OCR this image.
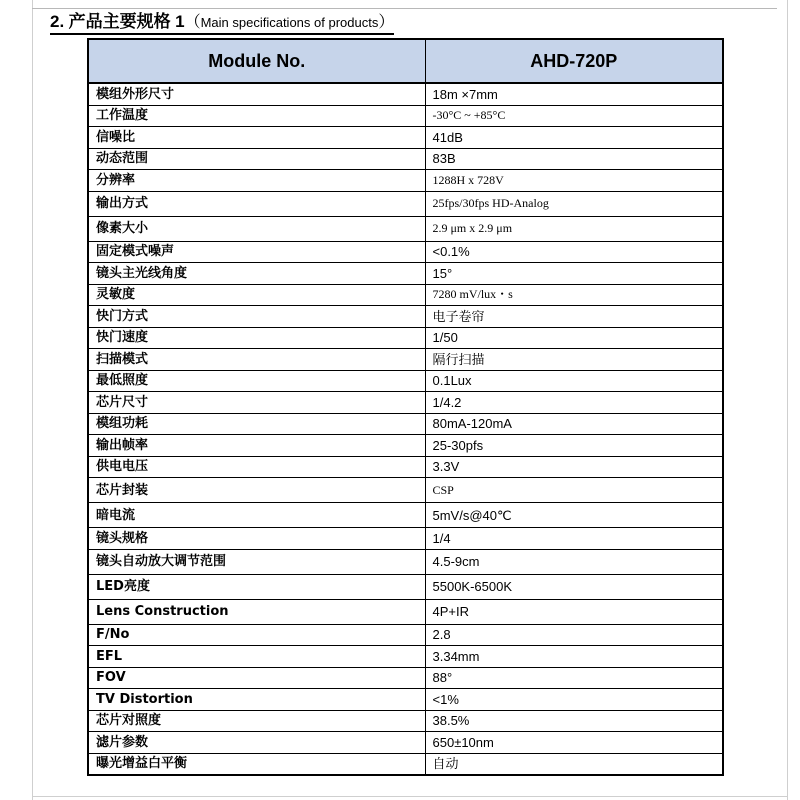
2. 产品主要规格 1（Main specifications of products）
Module No.	AHD-720P
模组外形尺寸	18m ×7mm
工作温度	-30°C ~ +85°C
信噪比	41dB
动态范围	83B
分辨率	1288H x 728V
输出方式	25fps/30fps HD-Analog
像素大小	2.9 μm x 2.9 μm
固定模式噪声	<0.1%
镜头主光线角度	15°
灵敏度	7280 mV/lux・s
快门方式	电子卷帘
快门速度	1/50
扫描模式	隔行扫描
最低照度	0.1Lux
芯片尺寸	1/4.2
模组功耗	80mA-120mA
输出帧率	25-30pfs
供电电压	3.3V
芯片封装	CSP
暗电流	5mV/s@40℃
镜头规格	1/4
镜头自动放大调节范围	4.5-9cm
LED亮度	5500K-6500K
Lens Construction	4P+IR
F/No	2.8
EFL	3.34mm
FOV	88°
TV Distortion	<1%
芯片对照度	38.5%
滤片参数	650±10nm
曝光增益白平衡	自动
